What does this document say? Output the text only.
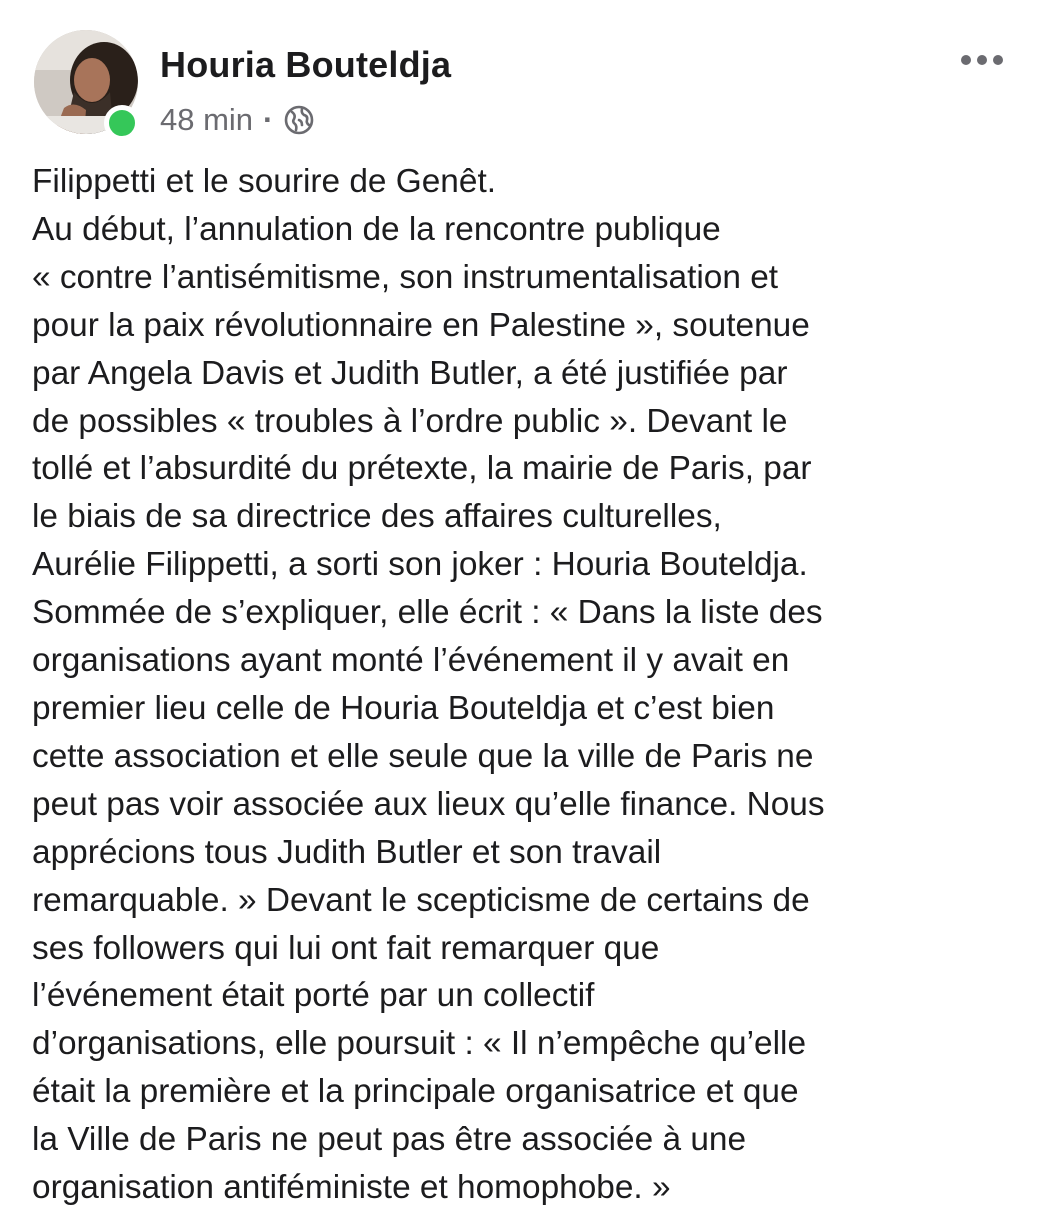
Houria Bouteldja
48 min ·
Filippetti et le sourire de Genêt.
Au début, l’annulation de la rencontre publique
« contre l’antisémitisme, son instrumentalisation et
pour la paix révolutionnaire en Palestine », soutenue
par Angela Davis et Judith Butler, a été justifiée par
de possibles « troubles à l’ordre public ». Devant le
tollé et l’absurdité du prétexte, la mairie de Paris, par
le biais de sa directrice des affaires culturelles,
Aurélie Filippetti, a sorti son joker : Houria Bouteldja.
Sommée de s’expliquer, elle écrit : « Dans la liste des
organisations ayant monté l’événement il y avait en
premier lieu celle de Houria Bouteldja et c’est bien
cette association et elle seule que la ville de Paris ne
peut pas voir associée aux lieux qu’elle finance. Nous
apprécions tous Judith Butler et son travail
remarquable. » Devant le scepticisme de certains de
ses followers qui lui ont fait remarquer que
l’événement était porté par un collectif
d’organisations, elle poursuit : « Il n’empêche qu’elle
était la première et la principale organisatrice et que
la Ville de Paris ne peut pas être associée à une
organisation antiféministe et homophobe. »
